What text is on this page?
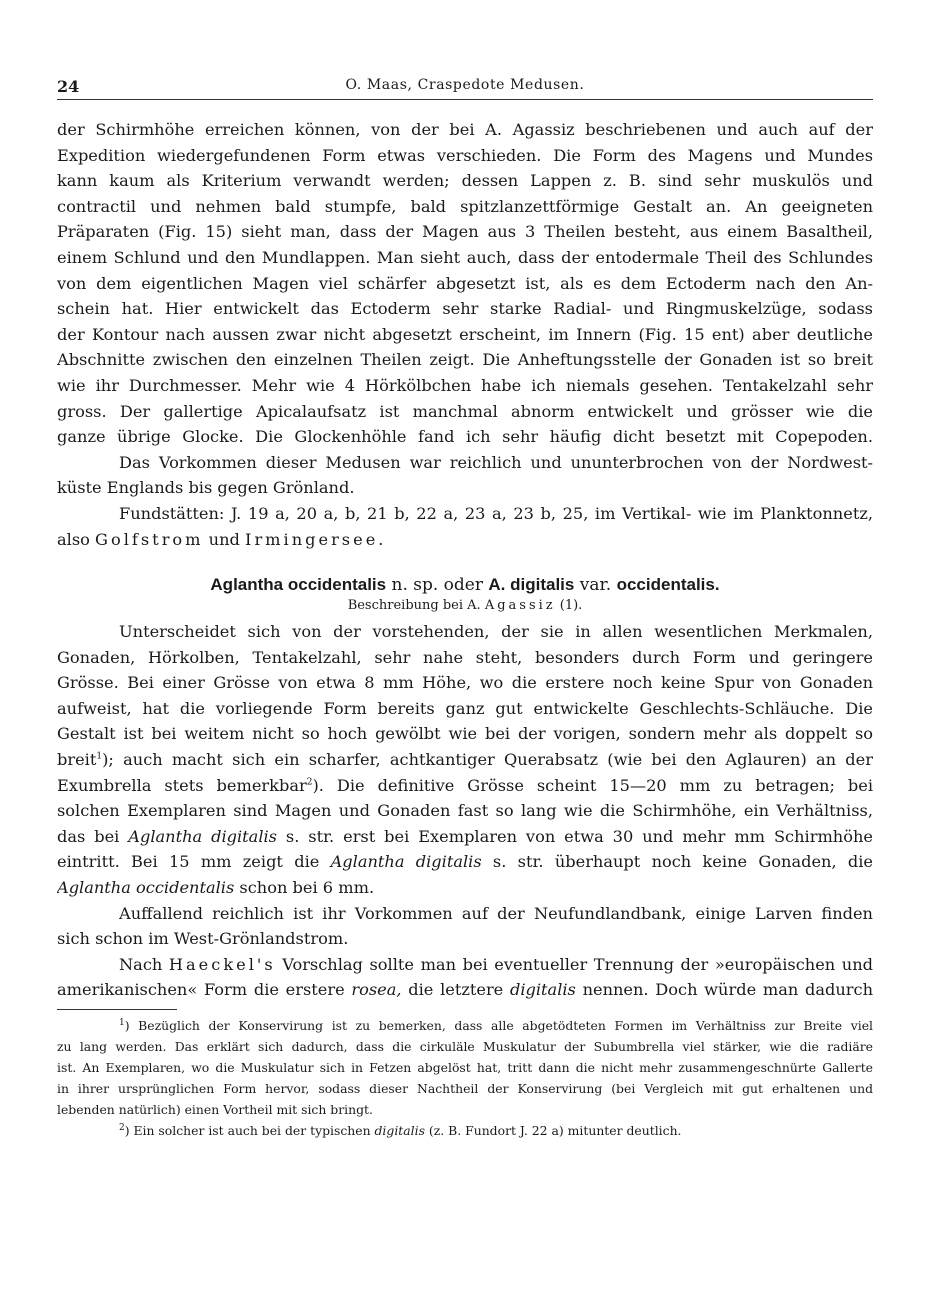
24	O. Maas, Craspedote Medusen.
der Schirmhöhe erreichen können, von der bei A. Agassiz beschriebenen und auch auf der
Expedition wiedergefundenen Form etwas verschieden. Die Form des Magens und Mundes
kann kaum als Kriterium verwandt werden; dessen Lappen z. B. sind sehr muskulös und
contractil und nehmen bald stumpfe, bald spitzlanzettförmige Gestalt an. An geeigneten
Präparaten (Fig. 15) sieht man, dass der Magen aus 3 Theilen besteht, aus einem Basaltheil,
einem Schlund und den Mundlappen. Man sieht auch, dass der entodermale Theil des Schlundes
von dem eigentlichen Magen viel schärfer abgesetzt ist, als es dem Ectoderm nach den An-
schein hat. Hier entwickelt das Ectoderm sehr starke Radial- und Ringmuskelzüge, sodass
der Kontour nach aussen zwar nicht abgesetzt erscheint, im Innern (Fig. 15 ent) aber deutliche
Abschnitte zwischen den einzelnen Theilen zeigt. Die Anheftungsstelle der Gonaden ist so breit
wie ihr Durchmesser. Mehr wie 4 Hörkölbchen habe ich niemals gesehen. Tentakelzahl sehr
gross. Der gallertige Apicalaufsatz ist manchmal abnorm entwickelt und grösser wie die
ganze übrige Glocke. Die Glockenhöhle fand ich sehr häufig dicht besetzt mit Copepoden.
Das Vorkommen dieser Medusen war reichlich und ununterbrochen von der Nordwest-
küste Englands bis gegen Grönland.
Fundstätten: J. 19 a, 20 a, b, 21 b, 22 a, 23 a, 23 b, 25, im Vertikal- wie im Planktonnetz,
also Golfstrom und Irmingersee.
Aglantha occidentalis n. sp. oder A. digitalis var. occidentalis.
Beschreibung bei A. Agassiz (1).
Unterscheidet sich von der vorstehenden, der sie in allen wesentlichen Merkmalen,
Gonaden, Hörkolben, Tentakelzahl, sehr nahe steht, besonders durch Form und geringere
Grösse. Bei einer Grösse von etwa 8 mm Höhe, wo die erstere noch keine Spur von Gonaden
aufweist, hat die vorliegende Form bereits ganz gut entwickelte Geschlechts-Schläuche. Die
Gestalt ist bei weitem nicht so hoch gewölbt wie bei der vorigen, sondern mehr als doppelt so
breit$^1$); auch macht sich ein scharfer, achtkantiger Querabsatz (wie bei den Aglauren) an der
Exumbrella stets bemerkbar$^2$). Die definitive Grösse scheint 15—20 mm zu betragen; bei
solchen Exemplaren sind Magen und Gonaden fast so lang wie die Schirmhöhe, ein Verhältniss,
das bei Aglantha digitalis s. str. erst bei Exemplaren von etwa 30 und mehr mm Schirmhöhe
eintritt. Bei 15 mm zeigt die Aglantha digitalis s. str. überhaupt noch keine Gonaden, die
Aglantha occidentalis schon bei 6 mm.
Auffallend reichlich ist ihr Vorkommen auf der Neufundlandbank, einige Larven finden
sich schon im West-Grönlandstrom.
Nach Haeckel's Vorschlag sollte man bei eventueller Trennung der »europäischen und
amerikanischen« Form die erstere rosea, die letztere digitalis nennen. Doch würde man dadurch
$^1$) Bezüglich der Konservirung ist zu bemerken, dass alle abgetödteten Formen im Verhältniss zur Breite viel
zu lang werden. Das erklärt sich dadurch, dass die cirkuläle Muskulatur der Subumbrella viel stärker, wie die radiäre
ist. An Exemplaren, wo die Muskulatur sich in Fetzen abgelöst hat, tritt dann die nicht mehr zusammengeschnürte Gallerte
in ihrer ursprünglichen Form hervor, sodass dieser Nachtheil der Konservirung (bei Vergleich mit gut erhaltenen und
lebenden natürlich) einen Vortheil mit sich bringt.
$^2$) Ein solcher ist auch bei der typischen digitalis (z. B. Fundort J. 22 a) mitunter deutlich.
